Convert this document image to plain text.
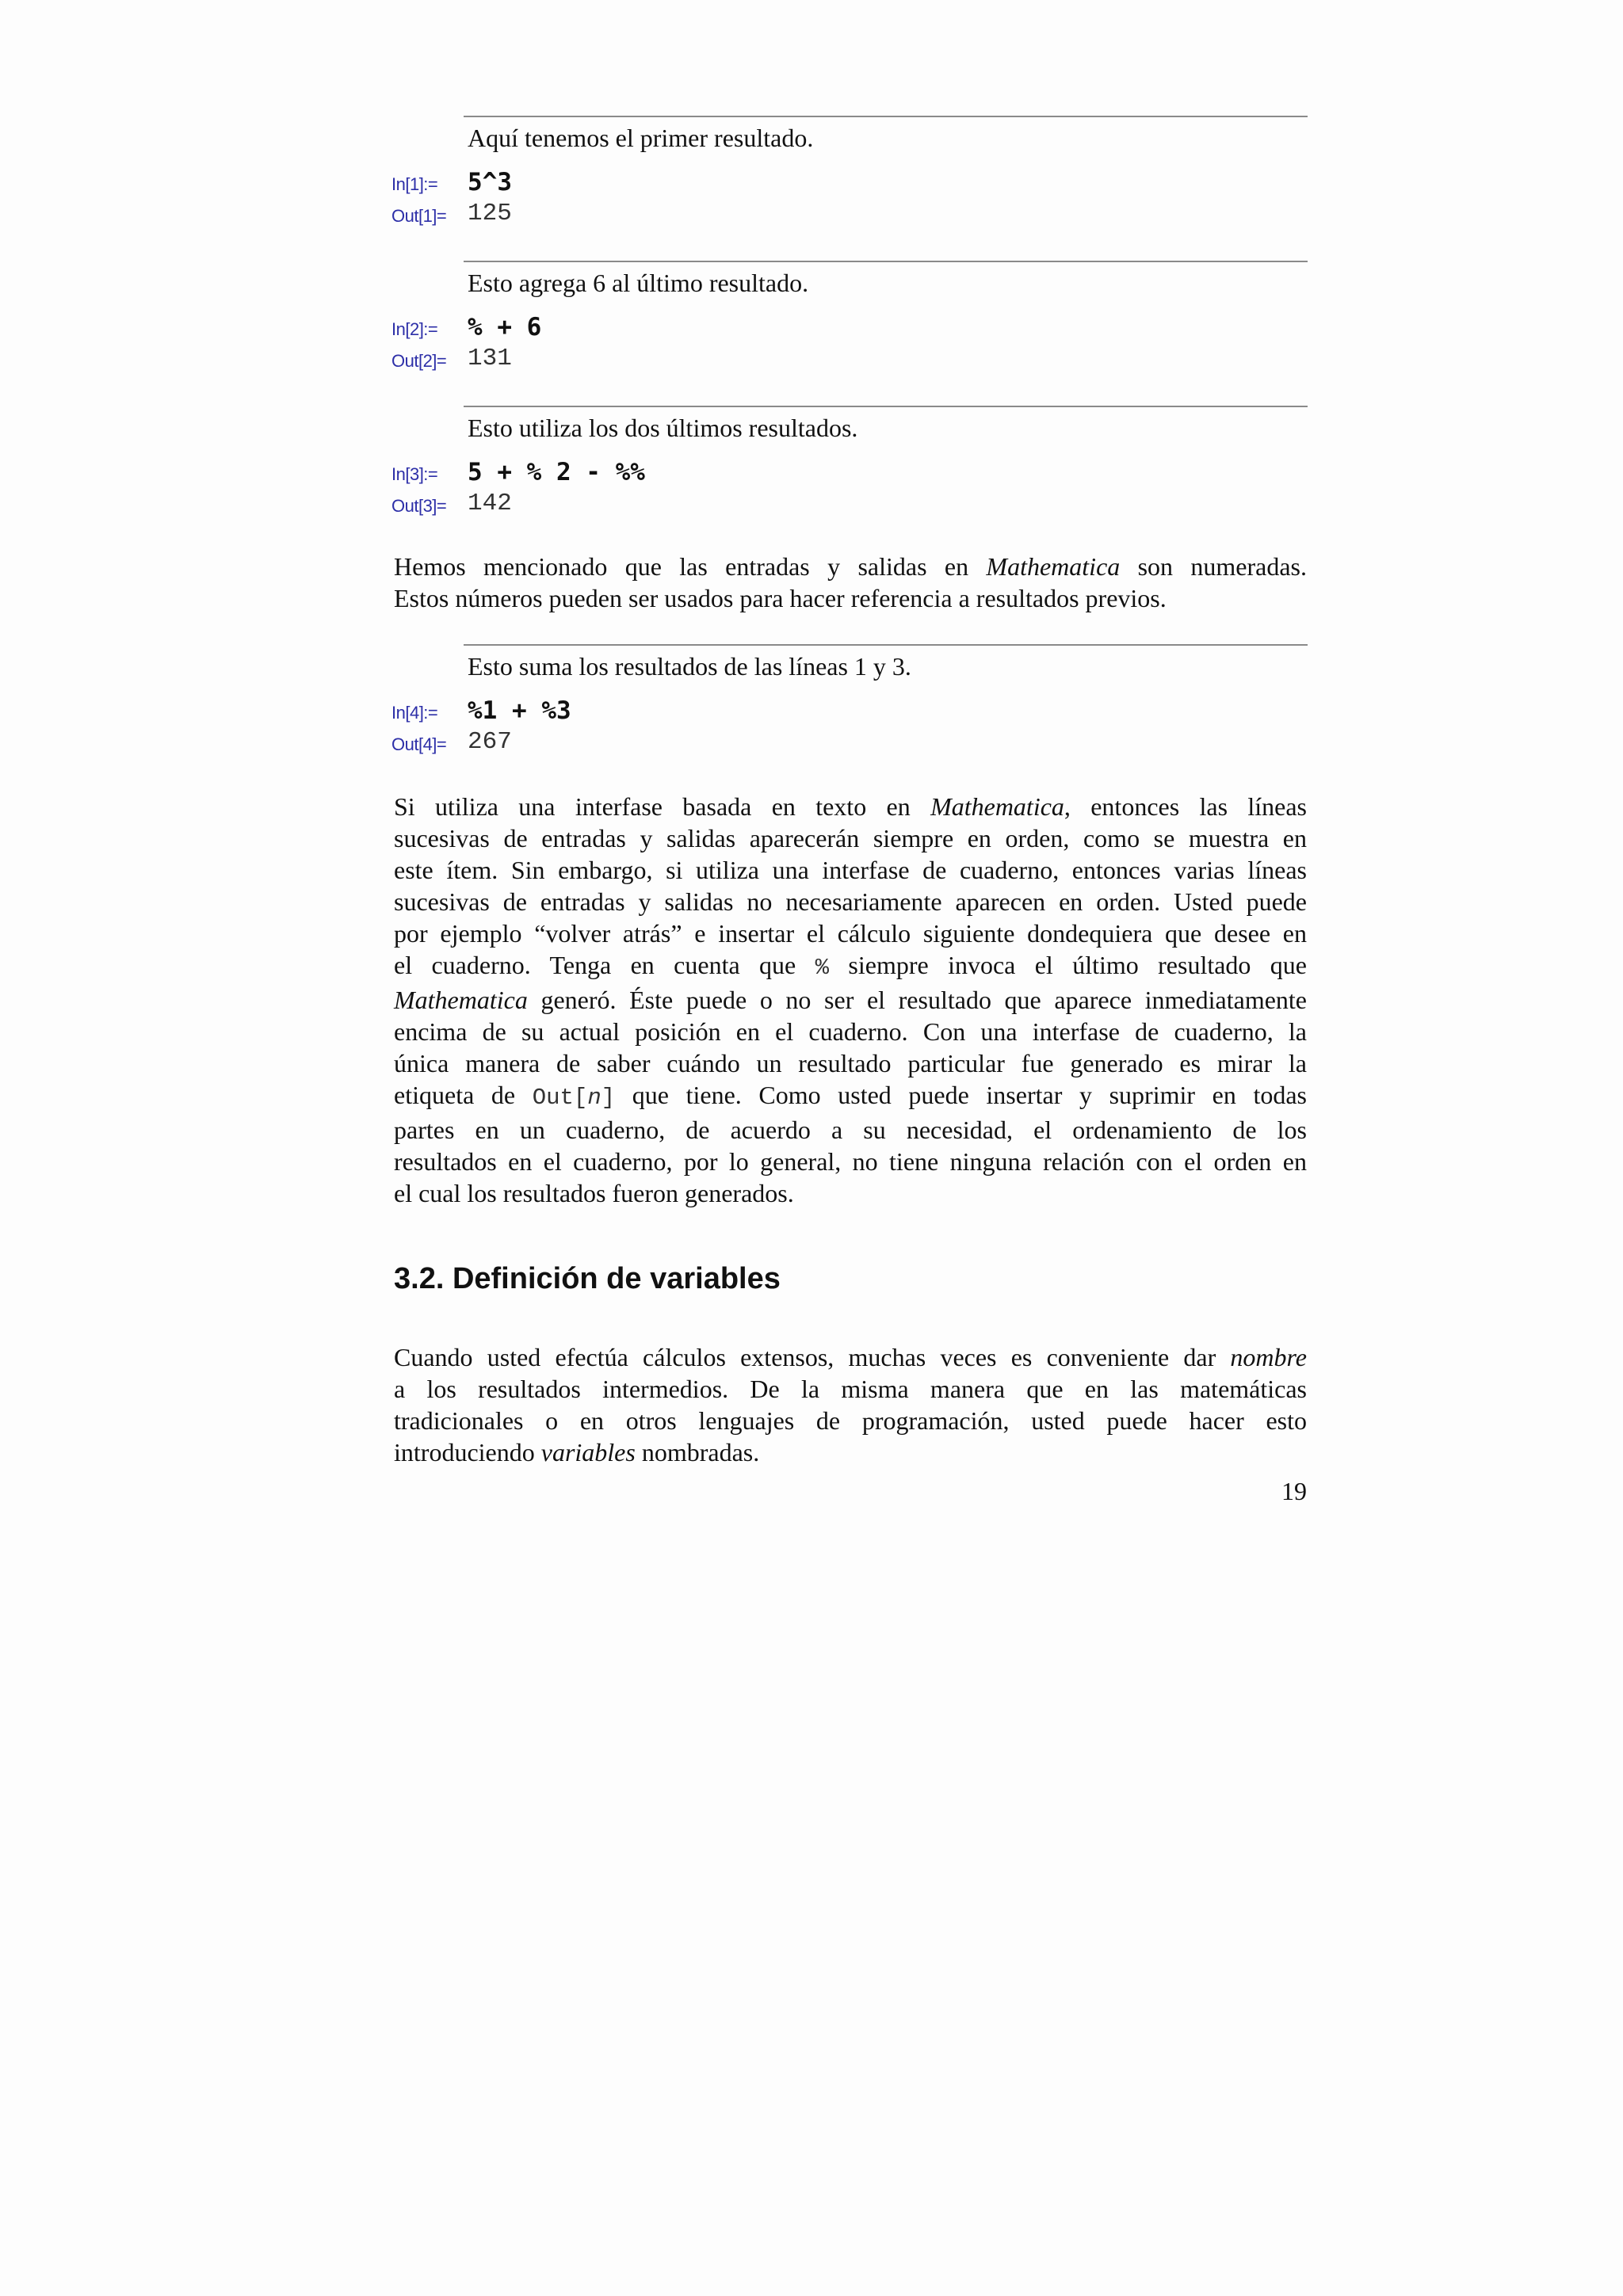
Aquí tenemos el primer resultado.
In[1]:= 5^3
Out[1]= 125
Esto agrega 6 al último resultado.
In[2]:= % + 6
Out[2]= 131
Esto utiliza los dos últimos resultados.
In[3]:= 5 + % 2 - %%
Out[3]= 142
Hemos mencionado que las entradas y salidas en Mathematica son numeradas.
Estos números pueden ser usados para hacer referencia a resultados previos.
Esto suma los resultados de las líneas 1 y 3.
In[4]:= %1 + %3
Out[4]= 267
Si utiliza una interfase basada en texto en Mathematica, entonces las líneas
sucesivas de entradas y salidas aparecerán siempre en orden, como se muestra en
este ítem. Sin embargo, si utiliza una interfase de cuaderno, entonces varias líneas
sucesivas de entradas y salidas no necesariamente aparecen en orden. Usted puede
por ejemplo “volver atrás” e insertar el cálculo siguiente dondequiera que desee en
el cuaderno. Tenga en cuenta que % siempre invoca el último resultado que
Mathematica generó. Éste puede o no ser el resultado que aparece inmediatamente
encima de su actual posición en el cuaderno. Con una interfase de cuaderno, la
única manera de saber cuándo un resultado particular fue generado es mirar la
etiqueta de Out[n] que tiene. Como usted puede insertar y suprimir en todas
partes en un cuaderno, de acuerdo a su necesidad, el ordenamiento de los
resultados en el cuaderno, por lo general, no tiene ninguna relación con el orden en
el cual los resultados fueron generados.
3.2. Definición de variables
Cuando usted efectúa cálculos extensos, muchas veces es conveniente dar nombre
a los resultados intermedios. De la misma manera que en las matemáticas
tradicionales o en otros lenguajes de programación, usted puede hacer esto
introduciendo variables nombradas.
19
